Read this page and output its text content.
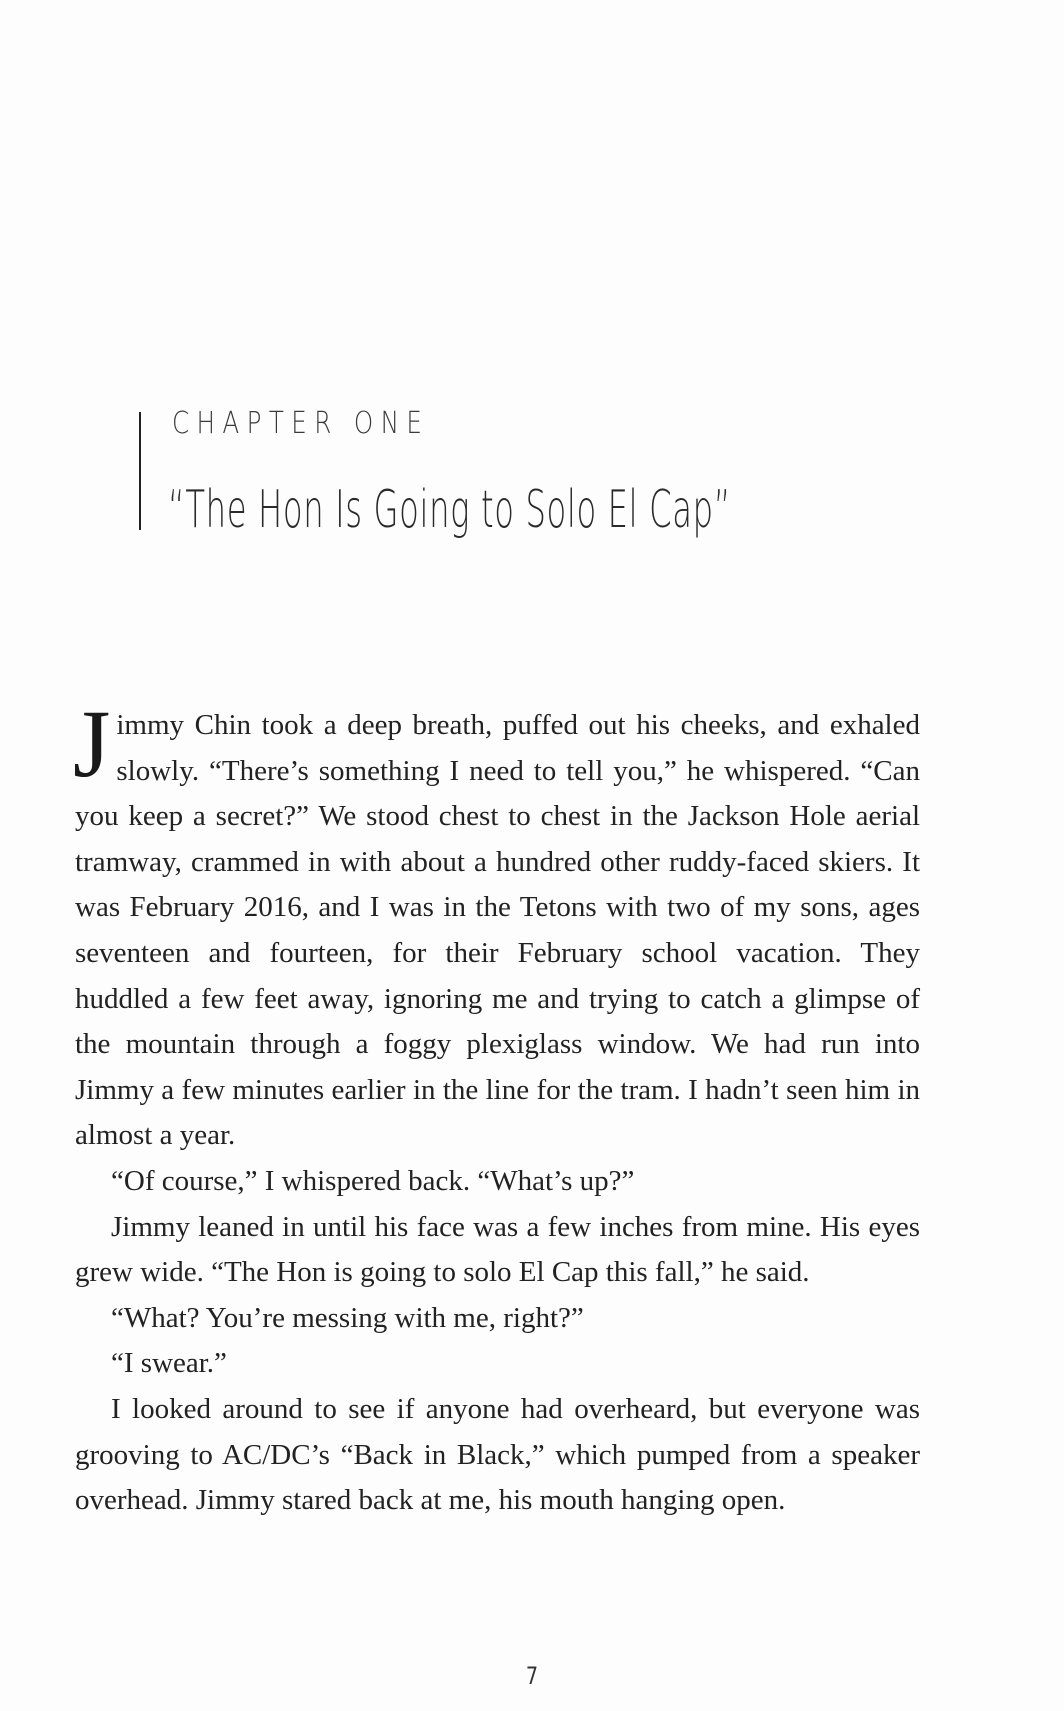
CHAPTER ONE
“The Hon Is Going to Solo El Cap”

Jimmy Chin took a deep breath, puffed out his cheeks, and exhaled slowly. “There’s something I need to tell you,” he whispered. “Can you keep a secret?” We stood chest to chest in the Jackson Hole aerial tramway, crammed in with about a hundred other ruddy-faced skiers. It was February 2016, and I was in the Tetons with two of my sons, ages seventeen and fourteen, for their February school vacation. They huddled a few feet away, ignoring me and trying to catch a glimpse of the mountain through a foggy plexiglass window. We had run into Jimmy a few minutes earlier in the line for the tram. I hadn’t seen him in almost a year.

“Of course,” I whispered back. “What’s up?”

Jimmy leaned in until his face was a few inches from mine. His eyes grew wide. “The Hon is going to solo El Cap this fall,” he said.

“What? You’re messing with me, right?”

“I swear.”

I looked around to see if anyone had overheard, but everyone was grooving to AC/DC’s “Back in Black,” which pumped from a speaker overhead. Jimmy stared back at me, his mouth hanging open.

7
